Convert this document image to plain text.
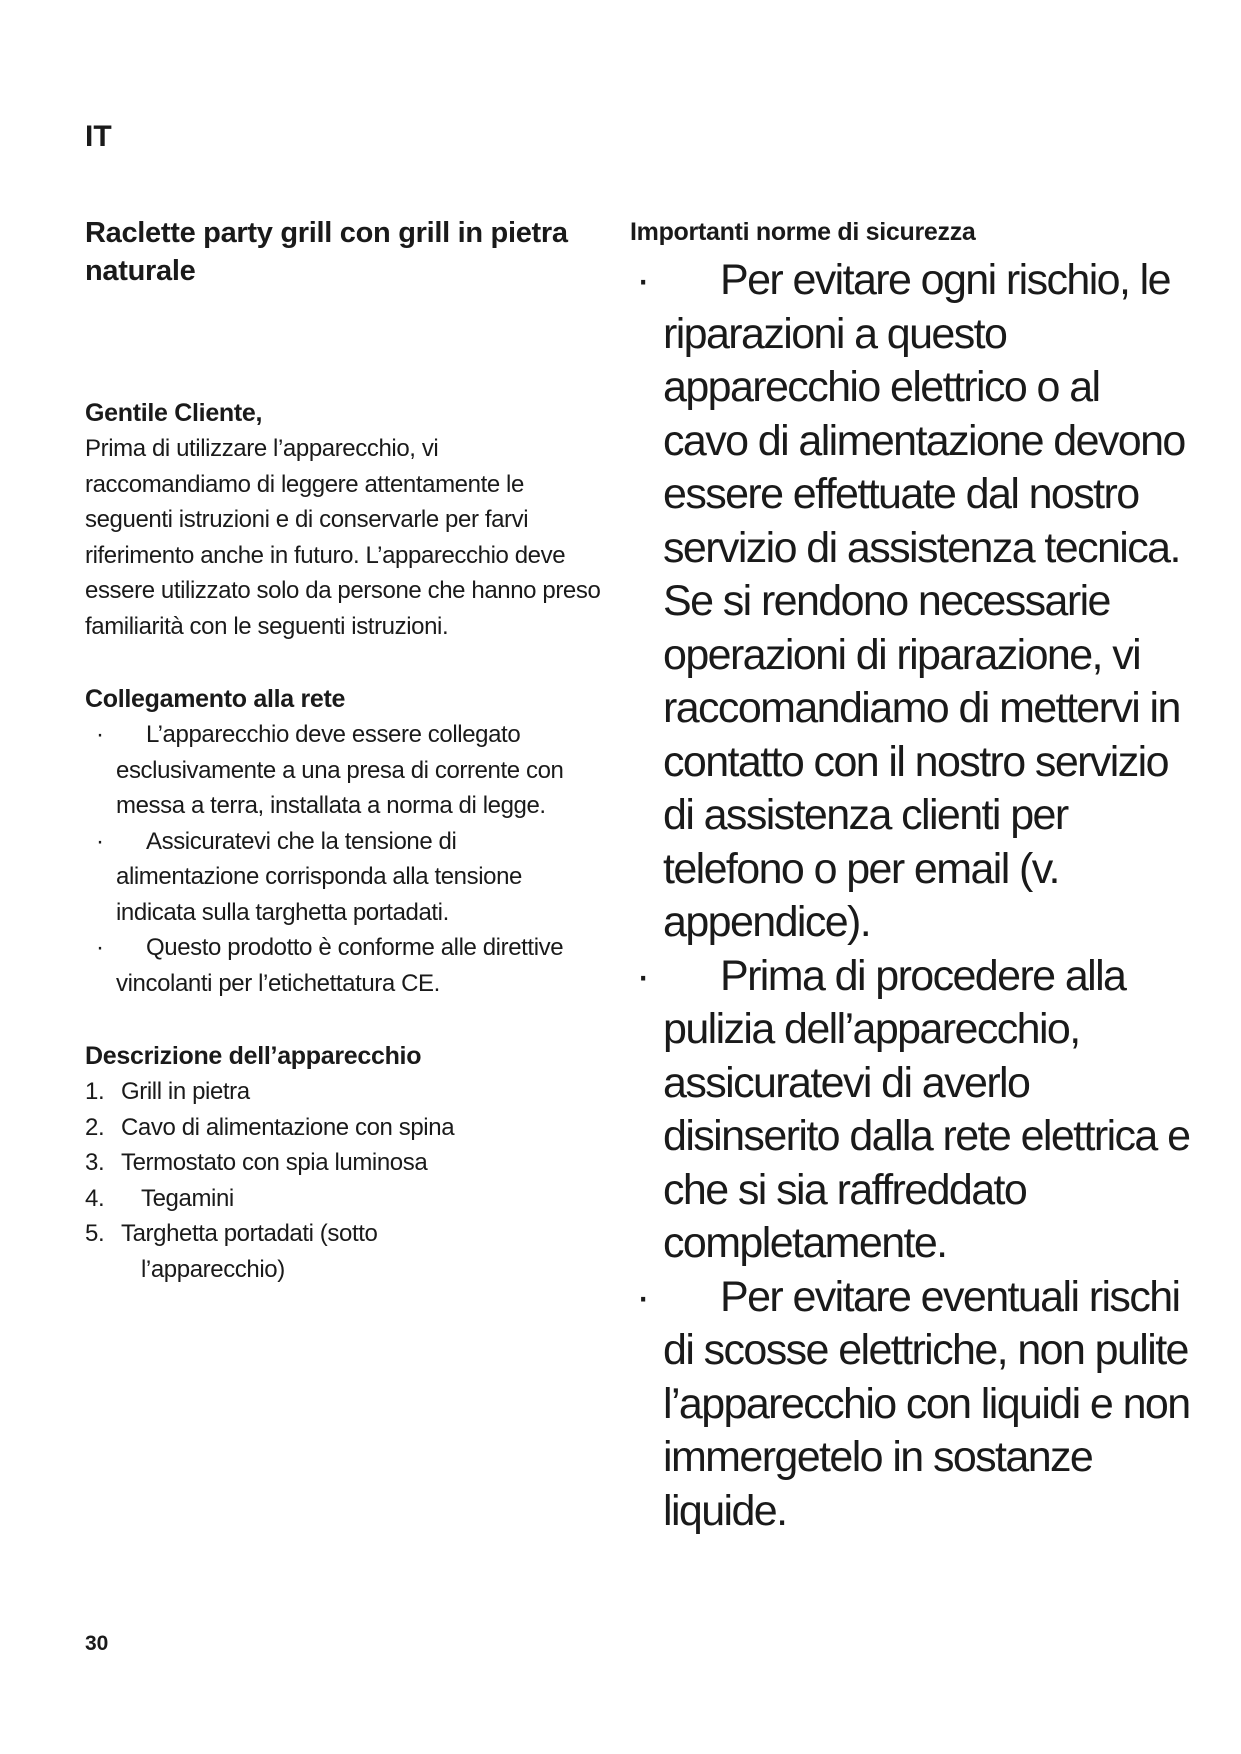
IT
Raclette party grill con grill in pietra naturale
Gentile Cliente,

Prima di utilizzare l’apparecchio, vi raccomandiamo di leggere attentamente le seguenti istruzioni e di conservarle per farvi riferimento anche in futuro. L’apparecchio deve essere utilizzato solo da persone che hanno preso familiarità con le seguenti istruzioni.

Collegamento alla rete
· L’apparecchio deve essere collegato esclusivamente a una presa di corrente con messa a terra, installata a norma di legge.
· Assicuratevi che la tensione di alimentazione corrisponda alla tensione indicata sulla targhetta portadati.
· Questo prodotto è conforme alle direttive vincolanti per l’etichettatura CE.
Descrizione dell’apparecchio
1. Grill in pietra
2. Cavo di alimentazione con spina
3. Termostato con spia luminosa
4. Tegamini
5. Targhetta portadati (sotto
l’apparecchio)
Importanti norme di sicurezza
· Per evitare ogni rischio, le riparazioni a questo apparecchio elettrico o al cavo di alimentazione devono essere effettuate dal nostro servizio di assistenza tecnica. Se si rendono necessarie operazioni di riparazione, vi raccomandiamo di mettervi in contatto con il nostro servizio di assistenza clienti per telefono o per email (v. appendice).
· Prima di procedere alla pulizia dell’apparecchio, assicuratevi di averlo disinserito dalla rete elettrica e che si sia raffreddato completamente.
· Per evitare eventuali rischi di scosse elettriche, non pulite l’apparecchio con liquidi e non immergetelo in sostanze liquide.
30
